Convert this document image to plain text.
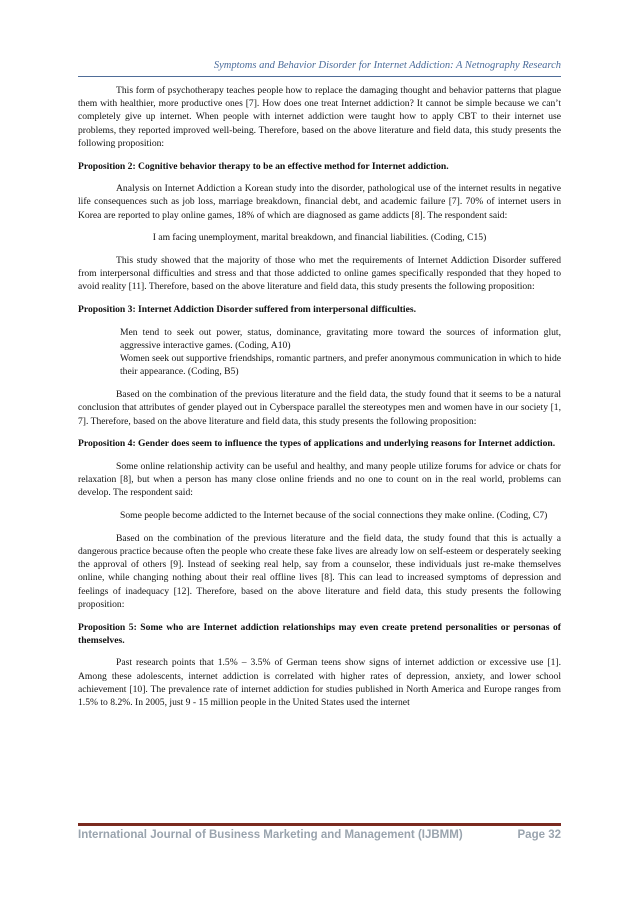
Symptoms and Behavior Disorder for Internet Addiction: A Netnography Research

This form of psychotherapy teaches people how to replace the damaging thought and behavior patterns that plague them with healthier, more productive ones [7]. How does one treat Internet addiction? It cannot be simple because we can’t completely give up internet. When people with internet addiction were taught how to apply CBT to their internet use problems, they reported improved well-being. Therefore, based on the above literature and field data, this study presents the following proposition:

Proposition 2: Cognitive behavior therapy to be an effective method for Internet addiction.

Analysis on Internet Addiction a Korean study into the disorder, pathological use of the internet results in negative life consequences such as job loss, marriage breakdown, financial debt, and academic failure [7]. 70% of internet users in Korea are reported to play online games, 18% of which are diagnosed as game addicts [8]. The respondent said:

I am facing unemployment, marital breakdown, and financial liabilities. (Coding, C15)

This study showed that the majority of those who met the requirements of Internet Addiction Disorder suffered from interpersonal difficulties and stress and that those addicted to online games specifically responded that they hoped to avoid reality [11]. Therefore, based on the above literature and field data, this study presents the following proposition:

Proposition 3: Internet Addiction Disorder suffered from interpersonal difficulties.

Men tend to seek out power, status, dominance, gravitating more toward the sources of information glut, aggressive interactive games. (Coding, A10)
Women seek out supportive friendships, romantic partners, and prefer anonymous communication in which to hide their appearance. (Coding, B5)

Based on the combination of the previous literature and the field data, the study found that it seems to be a natural conclusion that attributes of gender played out in Cyberspace parallel the stereotypes men and women have in our society [1, 7]. Therefore, based on the above literature and field data, this study presents the following proposition:

Proposition 4: Gender does seem to influence the types of applications and underlying reasons for Internet addiction.

Some online relationship activity can be useful and healthy, and many people utilize forums for advice or chats for relaxation [8], but when a person has many close online friends and no one to count on in the real world, problems can develop. The respondent said:

Some people become addicted to the Internet because of the social connections they make online. (Coding, C7)

Based on the combination of the previous literature and the field data, the study found that this is actually a dangerous practice because often the people who create these fake lives are already low on self-esteem or desperately seeking the approval of others [9]. Instead of seeking real help, say from a counselor, these individuals just re-make themselves online, while changing nothing about their real offline lives [8]. This can lead to increased symptoms of depression and feelings of inadequacy [12]. Therefore, based on the above literature and field data, this study presents the following proposition:

Proposition 5: Some who are Internet addiction relationships may even create pretend personalities or personas of themselves.

Past research points that 1.5% – 3.5% of German teens show signs of internet addiction or excessive use [1]. Among these adolescents, internet addiction is correlated with higher rates of depression, anxiety, and lower school achievement [10]. The prevalence rate of internet addiction for studies published in North America and Europe ranges from 1.5% to 8.2%. In 2005, just 9 - 15 million people in the United States used the internet

International Journal of Business Marketing and Management (IJBMM)	Page 32
